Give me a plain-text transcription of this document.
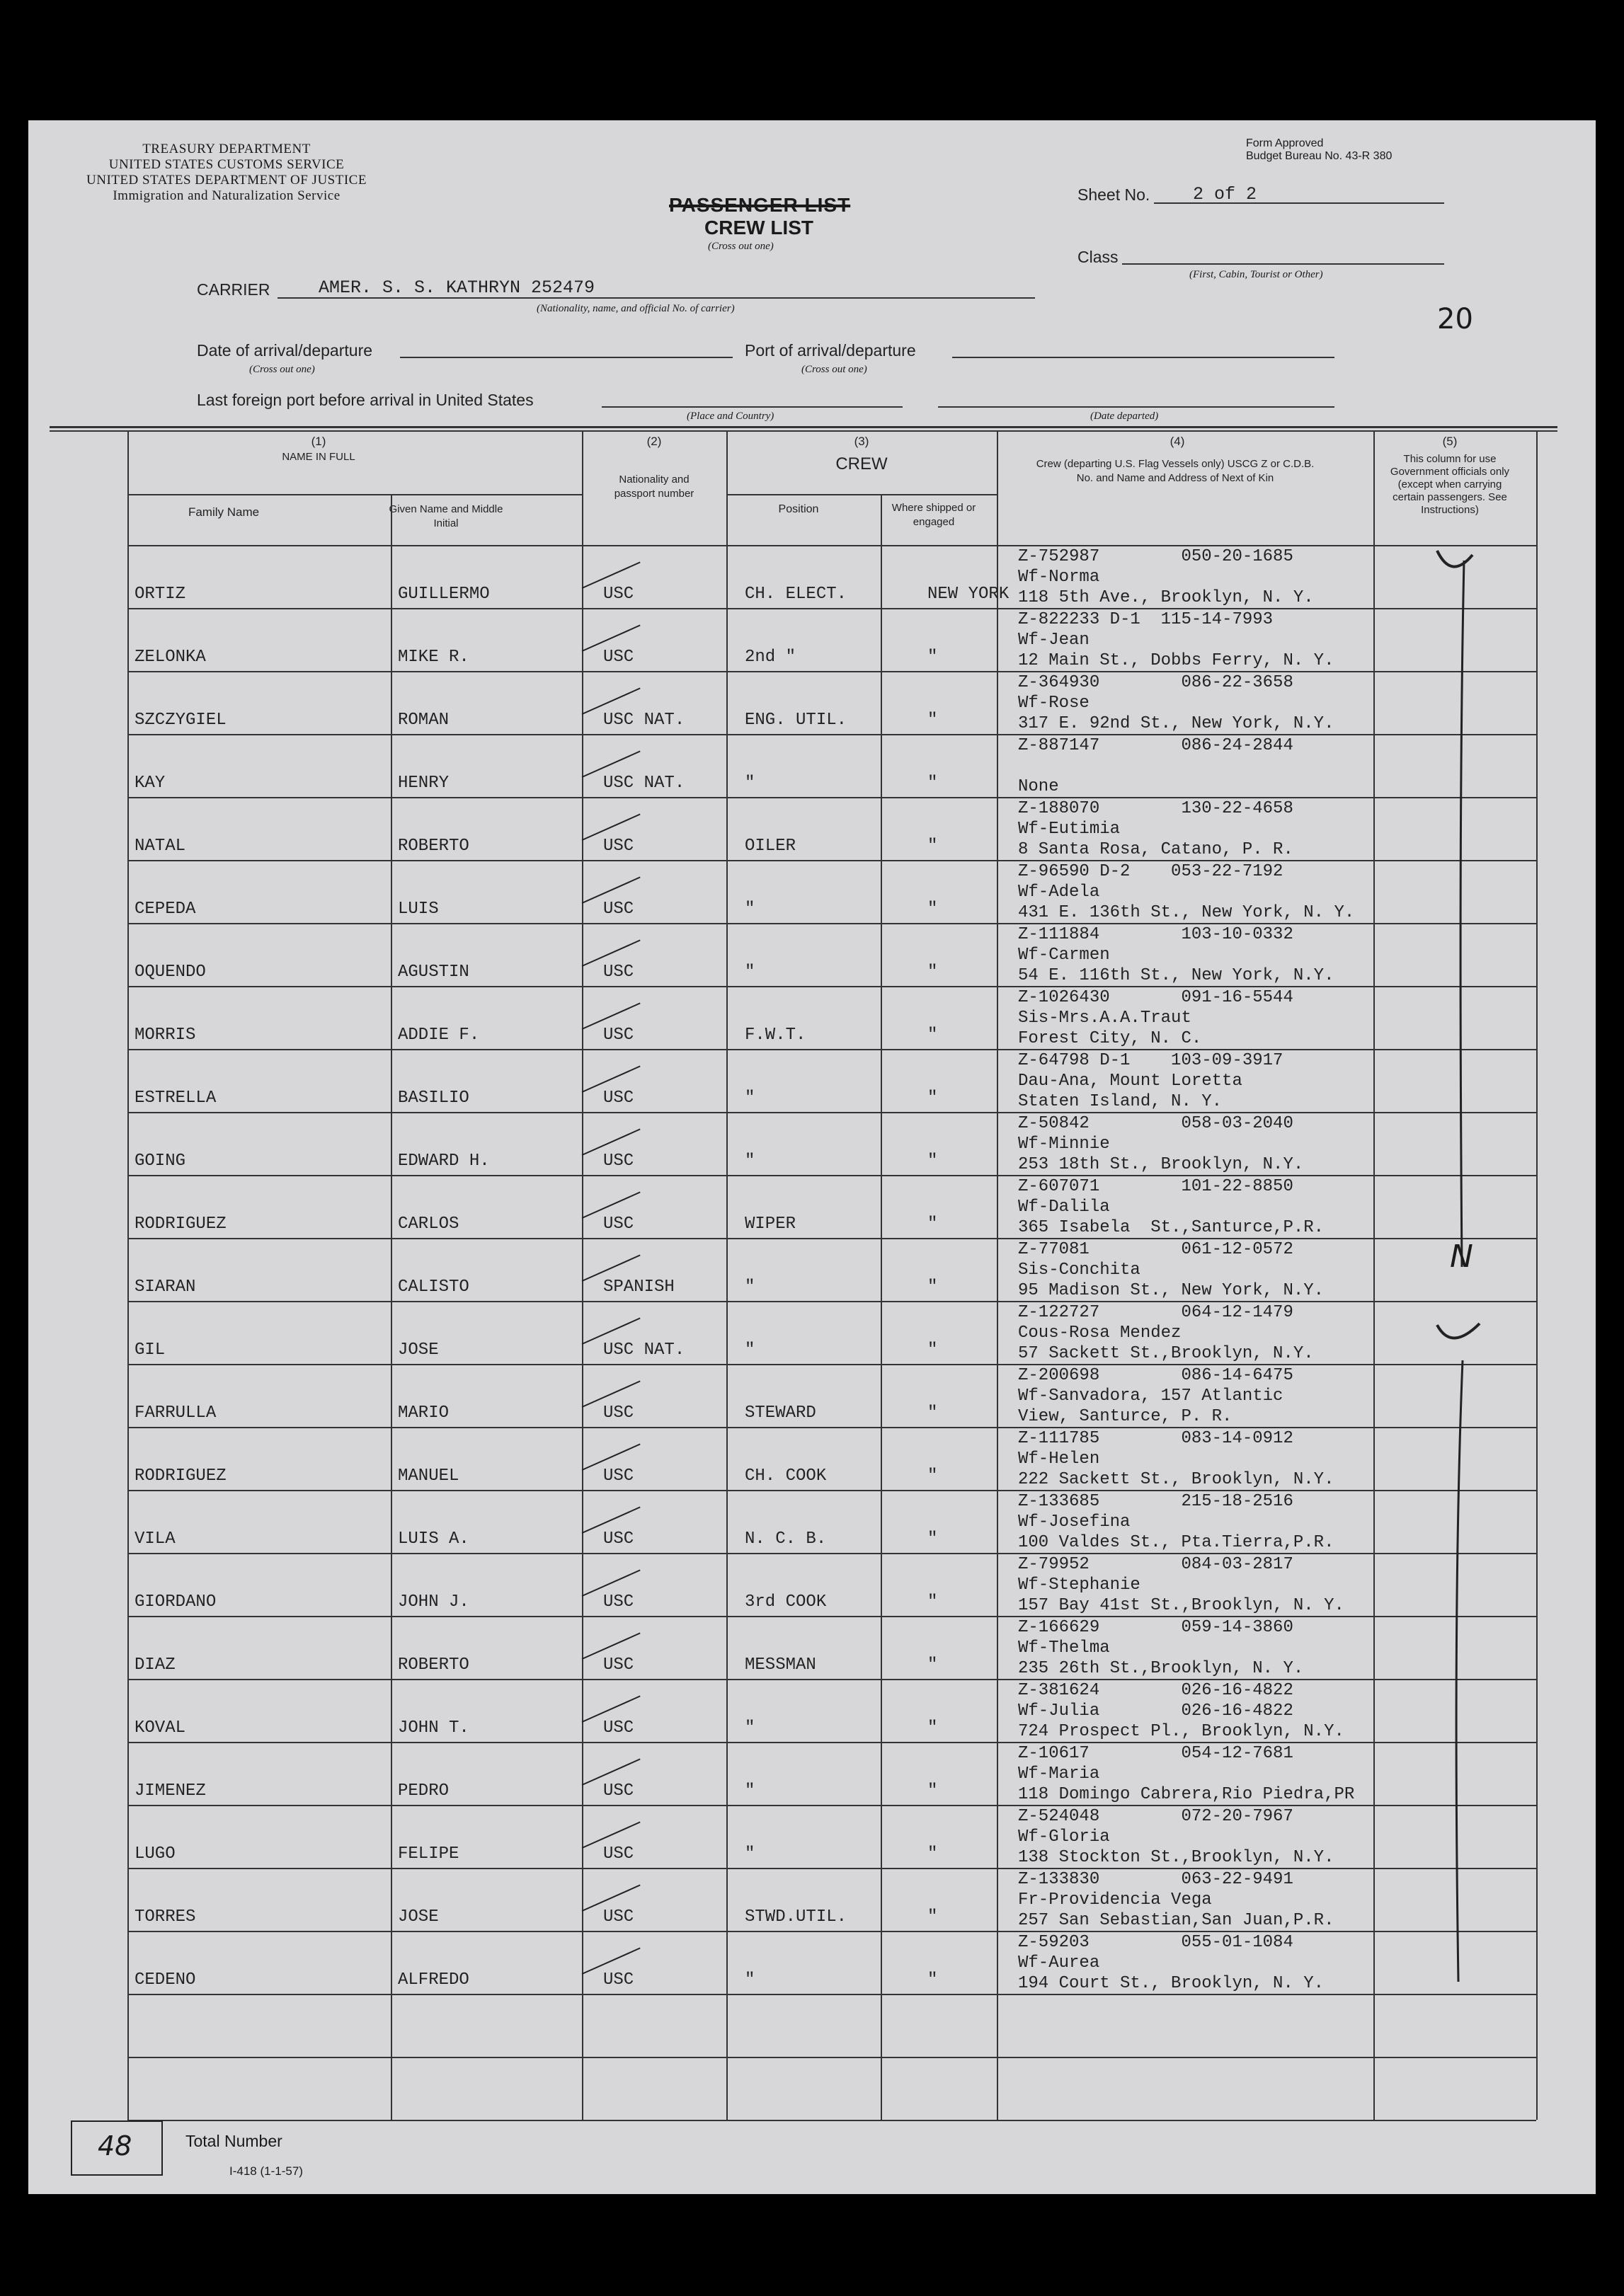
TREASURY DEPARTMENT
UNITED STATES CUSTOMS SERVICE
UNITED STATES DEPARTMENT OF JUSTICE
Immigration and Naturalization Service
Form Approved
Budget Bureau No. 43-R 380
PASSENGER LIST
CREW LIST
(Cross out one)
Sheet No. 2 of 2
Class
(First, Cabin, Tourist or Other)
20
CARRIER	AMER. S. S. KATHRYN 252479
(Nationality, name, and official No. of carrier)
Date of arrival/departure
(Cross out one)
Port of arrival/departure
(Cross out one)
Last foreign port before arrival in United States
(Place and Country)	(Date departed)
(1)
NAME IN FULL
Family Name	Given Name and Middle Initial
(2)
Nationality and passport number
(3)
CREW
Position	Where shipped or engaged
(4)
Crew (departing U.S. Flag Vessels only) USCG Z or C.D.B. No. and Name and Address of Next of Kin
(5)
This column for use Government officials only (except when carrying certain passengers. See Instructions)
ORTIZ	GUILLERMO	USC	CH. ELECT.	NEW YORK
Z-752987        050-20-1685
Wf-Norma
118 5th Ave., Brooklyn, N. Y.
ZELONKA	MIKE R.	USC	2nd "	"
Z-822233 D-1  115-14-7993
Wf-Jean
12 Main St., Dobbs Ferry, N. Y.
SZCZYGIEL	ROMAN	USC NAT.	ENG. UTIL.	"
Z-364930        086-22-3658
Wf-Rose
317 E. 92nd St., New York, N.Y.
KAY	HENRY	USC NAT.	"	"
Z-887147        086-24-2844
None
NATAL	ROBERTO	USC	OILER	"
Z-188070        130-22-4658
Wf-Eutimia
8 Santa Rosa, Catano, P. R.
CEPEDA	LUIS	USC	"	"
Z-96590 D-2    053-22-7192
Wf-Adela
431 E. 136th St., New York, N. Y.
OQUENDO	AGUSTIN	USC	"	"
Z-111884        103-10-0332
Wf-Carmen
54 E. 116th St., New York, N.Y.
MORRIS	ADDIE F.	USC	F.W.T.	"
Z-1026430       091-16-5544
Sis-Mrs.A.A.Traut
Forest City, N. C.
ESTRELLA	BASILIO	USC	"	"
Z-64798 D-1    103-09-3917
Dau-Ana, Mount Loretta
Staten Island, N. Y.
GOING	EDWARD H.	USC	"	"
Z-50842         058-03-2040
Wf-Minnie
253 18th St., Brooklyn, N.Y.
RODRIGUEZ	CARLOS	USC	WIPER	"
Z-607071        101-22-8850
Wf-Dalila
365 Isabela  St.,Santurce,P.R.
SIARAN	CALISTO	SPANISH	"	"
Z-77081         061-12-0572
Sis-Conchita
95 Madison St., New York, N.Y.
GIL	JOSE	USC NAT.	"	"
Z-122727        064-12-1479
Cous-Rosa Mendez
57 Sackett St.,Brooklyn, N.Y.
FARRULLA	MARIO	USC	STEWARD	"
Z-200698        086-14-6475
Wf-Sanvadora, 157 Atlantic
View, Santurce, P. R.
RODRIGUEZ	MANUEL	USC	CH. COOK	"
Z-111785        083-14-0912
Wf-Helen
222 Sackett St., Brooklyn, N.Y.
VILA	LUIS A.	USC	N. C. B.	"
Z-133685        215-18-2516
Wf-Josefina
100 Valdes St., Pta.Tierra,P.R.
GIORDANO	JOHN J.	USC	3rd COOK	"
Z-79952         084-03-2817
Wf-Stephanie
157 Bay 41st St.,Brooklyn, N. Y.
DIAZ	ROBERTO	USC	MESSMAN	"
Z-166629        059-14-3860
Wf-Thelma
235 26th St.,Brooklyn, N. Y.
KOVAL	JOHN T.	USC	"	"
Z-381624        026-16-4822
Wf-Julia        026-16-4822
724 Prospect Pl., Brooklyn, N.Y.
JIMENEZ	PEDRO	USC	"	"
Z-10617         054-12-7681
Wf-Maria
118 Domingo Cabrera,Rio Piedra,PR
LUGO	FELIPE	USC	"	"
Z-524048        072-20-7967
Wf-Gloria
138 Stockton St.,Brooklyn, N.Y.
TORRES	JOSE	USC	STWD.UTIL.	"
Z-133830        063-22-9491
Fr-Providencia Vega
257 San Sebastian,San Juan,P.R.
CEDENO	ALFREDO	USC	"	"
Z-59203         055-01-1084
Wf-Aurea
194 Court St., Brooklyn, N. Y.
48	Total Number
I-418 (1-1-57)
N
